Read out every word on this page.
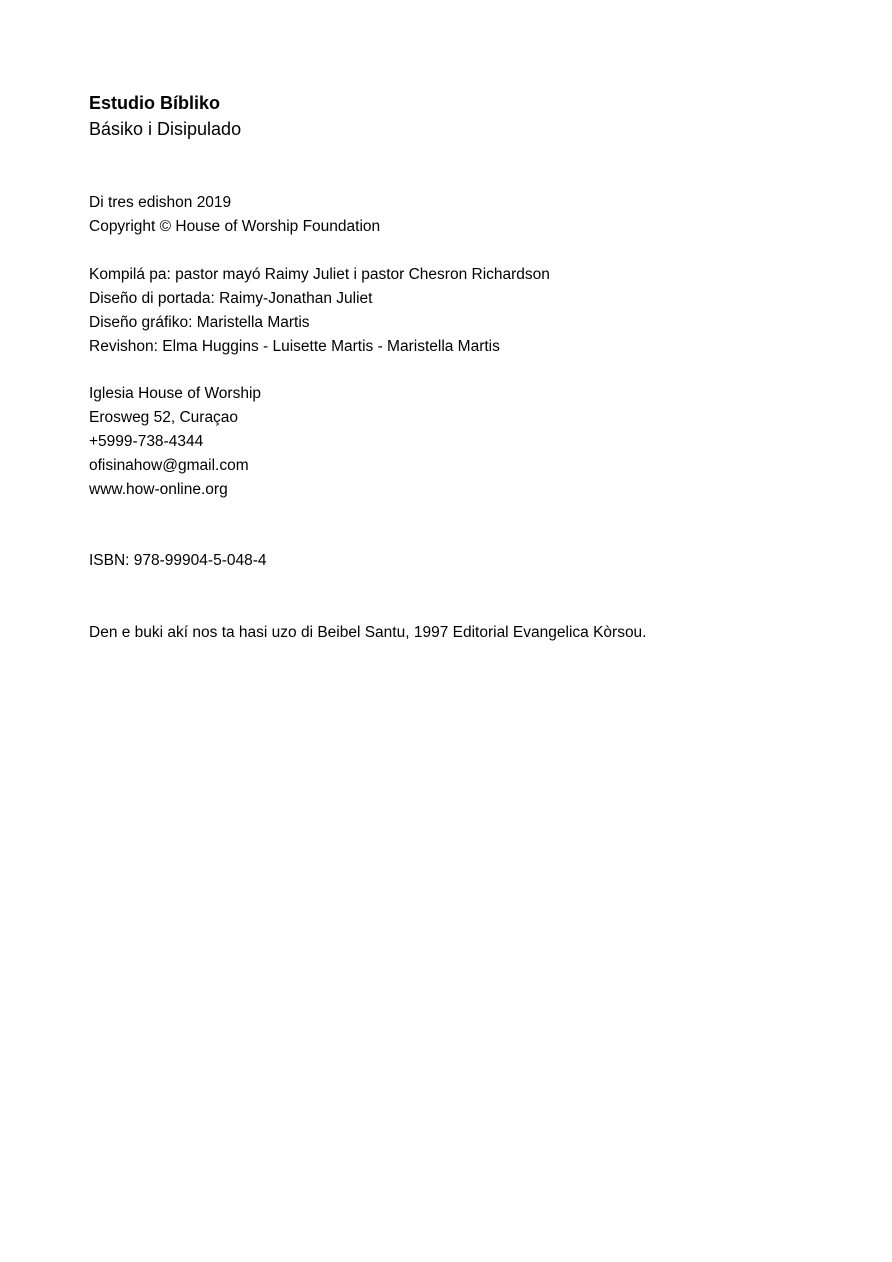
Estudio Bíbliko
Básiko i Disipulado
Di tres edishon 2019
Copyright © House of Worship Foundation
Kompilá pa: pastor mayó Raimy Juliet i pastor Chesron Richardson
Diseño di portada: Raimy-Jonathan Juliet
Diseño gráfiko: Maristella Martis
Revishon: Elma Huggins - Luisette Martis - Maristella Martis
Iglesia House of Worship
Erosweg 52, Curaçao
+5999-738-4344
ofisinahow@gmail.com
www.how-online.org
ISBN: 978-99904-5-048-4
Den e buki akí nos ta hasi uzo di Beibel Santu, 1997 Editorial Evangelica Kòrsou.
